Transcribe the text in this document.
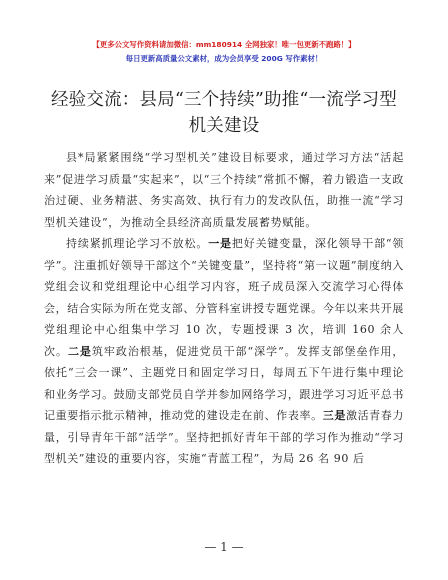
【更多公文写作资料请加微信：mm180914 全网独家！唯一包更新不跑路！】
每日更新高质量公文素材，成为会员享受 200G 写作素材！
经验交流：县局“三个持续”助推“一流学习型机关建设

县*局紧紧围绕“学习型机关”建设目标要求，通过学习方法“活起来”促进学习质量“实起来”，以“三个持续”常抓不懈，着力锻造一支政治过硬、业务精湛、务实高效、执行有力的发改队伍，助推一流“学习型机关建设”，为推动全县经济高质量发展蓄势赋能。

持续紧抓理论学习不放松。一是把好关键变量，深化领导干部“领学”。注重抓好领导干部这个“关键变量”，坚持将“第一议题”制度纳入党组会议和党组理论中心组学习内容，班子成员深入交流学习心得体会，结合实际为所在党支部、分管科室讲授专题党课。今年以来共开展党组理论中心组集中学习 10 次，专题授课 3 次，培训 160 余人次。二是筑牢政治根基，促进党员干部“深学”。发挥支部堡垒作用，依托“三会一课”、主题党日和固定学习日，每周五下午进行集中理论和业务学习。鼓励支部党员自学并参加网络学习，跟进学习习近平总书记重要指示批示精神，推动党的建设走在前、作表率。三是激活青春力量，引导青年干部“活学”。坚持把抓好青年干部的学习作为推动“学习型机关”建设的重要内容，实施“青蓝工程”，为局 26 名 90 后

— 1 —
